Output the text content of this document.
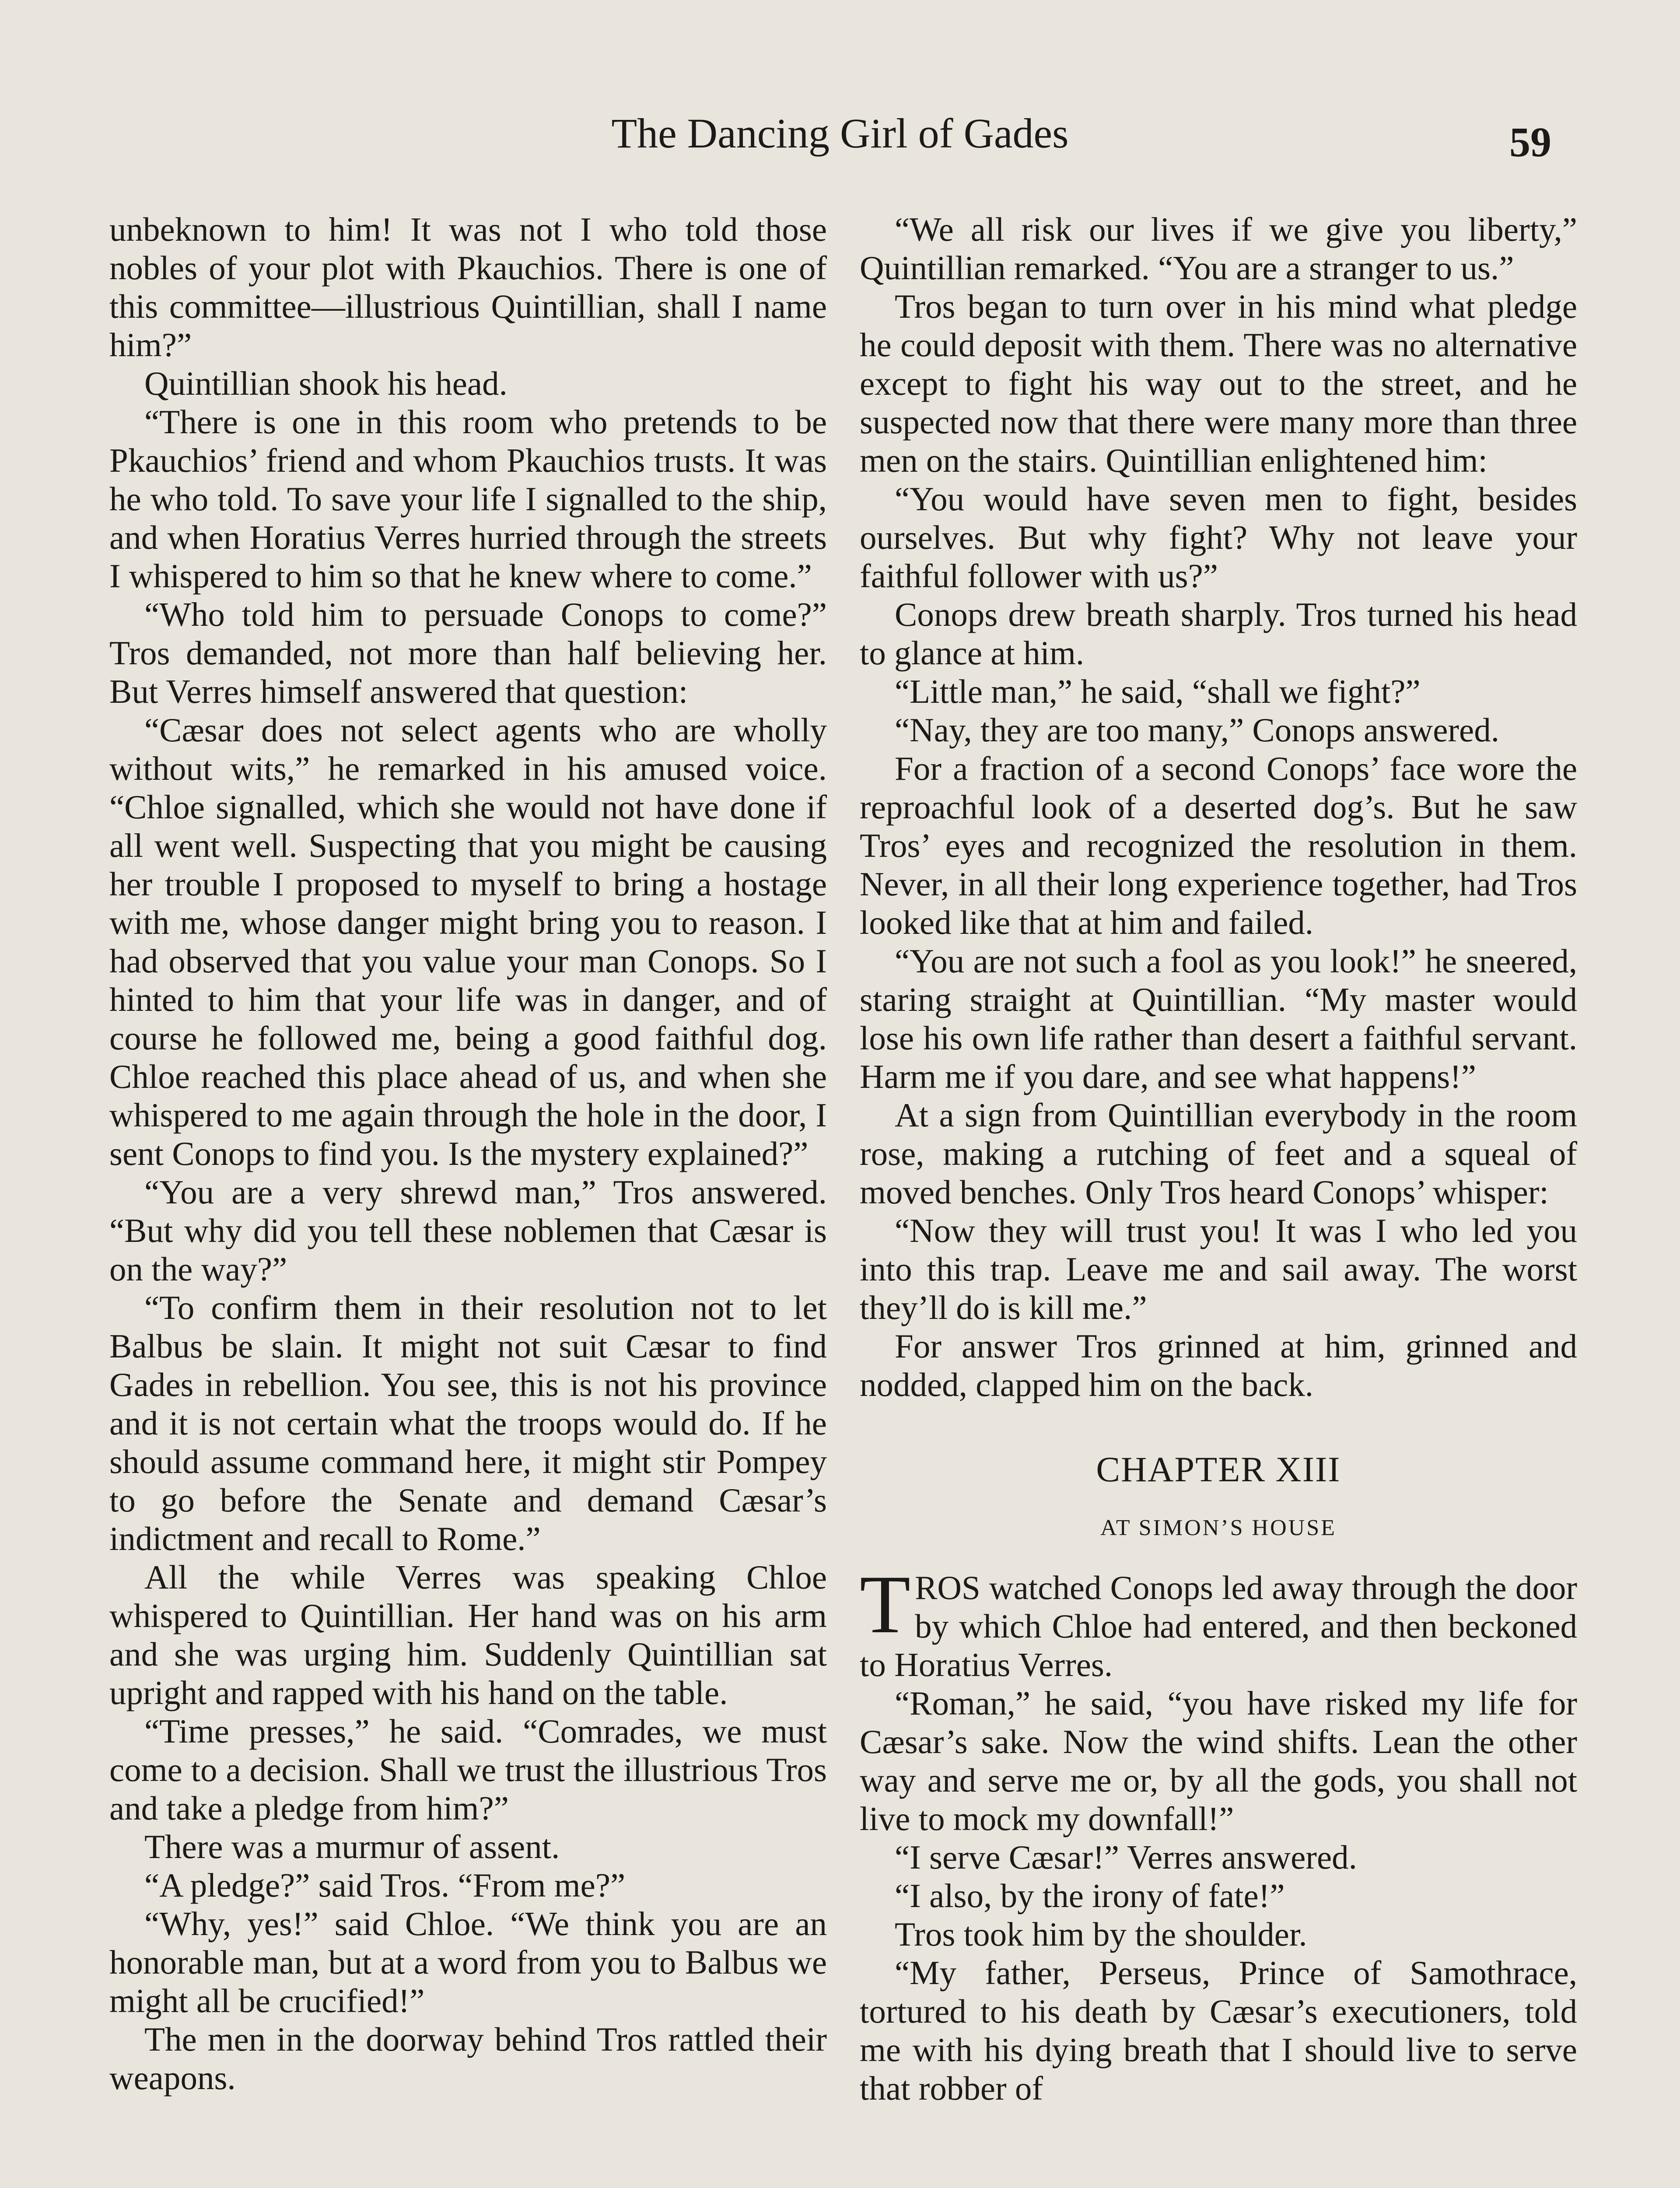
The Dancing Girl of Gades	59

unbeknown to him! It was not I who told those nobles of your plot with Pkauchios. There is one of this committee—illustrious Quintillian, shall I name him?”

Quintillian shook his head.

“There is one in this room who pretends to be Pkauchios’ friend and whom Pkauchios trusts. It was he who told. To save your life I signalled to the ship, and when Horatius Verres hurried through the streets I whispered to him so that he knew where to come.”

“Who told him to persuade Conops to come?” Tros demanded, not more than half believing her. But Verres himself answered that question:

“Cæsar does not select agents who are wholly without wits,” he remarked in his amused voice. “Chloe signalled, which she would not have done if all went well. Suspecting that you might be causing her trouble I proposed to myself to bring a hostage with me, whose danger might bring you to reason. I had observed that you value your man Conops. So I hinted to him that your life was in danger, and of course he followed me, being a good faithful dog. Chloe reached this place ahead of us, and when she whispered to me again through the hole in the door, I sent Conops to find you. Is the mystery explained?”

“You are a very shrewd man,” Tros answered. “But why did you tell these noblemen that Cæsar is on the way?”

“To confirm them in their resolution not to let Balbus be slain. It might not suit Cæsar to find Gades in rebellion. You see, this is not his province and it is not certain what the troops would do. If he should assume command here, it might stir Pompey to go before the Senate and demand Cæsar’s indictment and recall to Rome.”

All the while Verres was speaking Chloe whispered to Quintillian. Her hand was on his arm and she was urging him. Suddenly Quintillian sat upright and rapped with his hand on the table.

“Time presses,” he said. “Comrades, we must come to a decision. Shall we trust the illustrious Tros and take a pledge from him?”

There was a murmur of assent.

“A pledge?” said Tros. “From me?”

“Why, yes!” said Chloe. “We think you are an honorable man, but at a word from you to Balbus we might all be crucified!”

The men in the doorway behind Tros rattled their weapons.

“We all risk our lives if we give you liberty,” Quintillian remarked. “You are a stranger to us.”

Tros began to turn over in his mind what pledge he could deposit with them. There was no alternative except to fight his way out to the street, and he suspected now that there were many more than three men on the stairs. Quintillian enlightened him:

“You would have seven men to fight, besides ourselves. But why fight? Why not leave your faithful follower with us?”

Conops drew breath sharply. Tros turned his head to glance at him.

“Little man,” he said, “shall we fight?”

“Nay, they are too many,” Conops answered.

For a fraction of a second Conops’ face wore the reproachful look of a deserted dog’s. But he saw Tros’ eyes and recognized the resolution in them. Never, in all their long experience together, had Tros looked like that at him and failed.

“You are not such a fool as you look!” he sneered, staring straight at Quintillian. “My master would lose his own life rather than desert a faithful servant. Harm me if you dare, and see what happens!”

At a sign from Quintillian everybody in the room rose, making a rutching of feet and a squeal of moved benches. Only Tros heard Conops’ whisper:

“Now they will trust you! It was I who led you into this trap. Leave me and sail away. The worst they’ll do is kill me.”

For answer Tros grinned at him, grinned and nodded, clapped him on the back.

CHAPTER XIII
AT SIMON’S HOUSE

TROS watched Conops led away through the door by which Chloe had entered, and then beckoned to Horatius Verres.

“Roman,” he said, “you have risked my life for Cæsar’s sake. Now the wind shifts. Lean the other way and serve me or, by all the gods, you shall not live to mock my downfall!”

“I serve Cæsar!” Verres answered.

“I also, by the irony of fate!”

Tros took him by the shoulder.

“My father, Perseus, Prince of Samothrace, tortured to his death by Cæsar’s executioners, told me with his dying breath that I should live to serve that robber of
